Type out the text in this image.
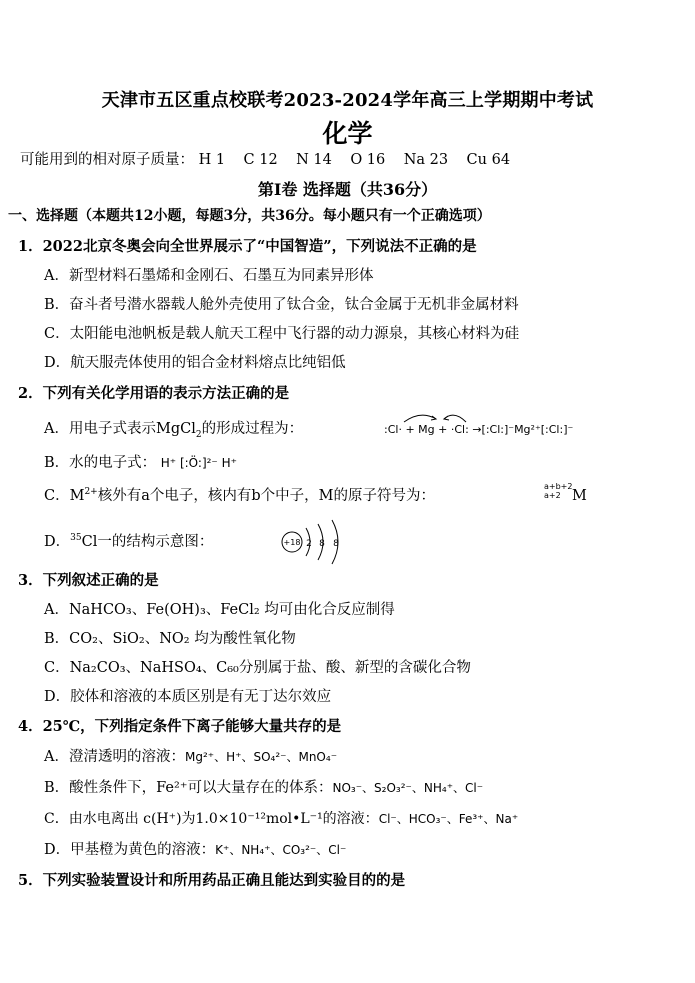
天津市五区重点校联考2023-2024学年高三上学期期中考试
化学
可能用到的相对原子质量： H 1 C 12 N 14 O 16 Na 23 Cu 64
第Ⅰ卷 选择题（共36分）
一、选择题（本题共12小题，每题3分，共36分。每小题只有一个正确选项）
1．2022北京冬奥会向全世界展示了“中国智造”，下列说法不正确的是
A．新型材料石墨烯和金刚石、石墨互为同素异形体
B．奋斗者号潜水器载人舱外壳使用了钛合金，钛合金属于无机非金属材料
C．太阳能电池帆板是载人航天工程中飞行器的动力源泉，其核心材料为硅
D．航天服壳体使用的铝合金材料熔点比纯铝低
2．下列有关化学用语的表示方法正确的是
A．用电子式表示MgCl$_2$的形成过程为：	:Cl· + Mg + ·Cl: →[:Cl:]⁻Mg²⁺[:Cl:]⁻
B．水的电子式： H⁺ [:Ö:]²⁻ H⁺
C．$M^{2+}$核外有a个电子，核内有b个中子，M的原子符号为：
a+b+2
a+2 M
D．$^{35}$Cl一的结构示意图：	+18 2 8 8
3．下列叙述正确的是
A．NaHCO₃、Fe(OH)₃、FeCl₂ 均可由化合反应制得
B．CO₂、SiO₂、NO₂ 均为酸性氧化物
C．Na₂CO₃、NaHSO₄、C₆₀分别属于盐、酸、新型的含碳化合物
D．胶体和溶液的本质区别是有无丁达尔效应
4．25℃，下列指定条件下离子能够大量共存的是
A．澄清透明的溶液：Mg²⁺、H⁺、SO₄²⁻、MnO₄⁻
B．酸性条件下，Fe²⁺可以大量存在的体系：NO₃⁻、S₂O₃²⁻、NH₄⁺、Cl⁻
C．由水电离出 c(H⁺)为1.0×10⁻¹²mol•L⁻¹的溶液：Cl⁻、HCO₃⁻、Fe³⁺、Na⁺
D．甲基橙为黄色的溶液：K⁺、NH₄⁺、CO₃²⁻、Cl⁻
5．下列实验装置设计和所用药品正确且能达到实验目的的是
